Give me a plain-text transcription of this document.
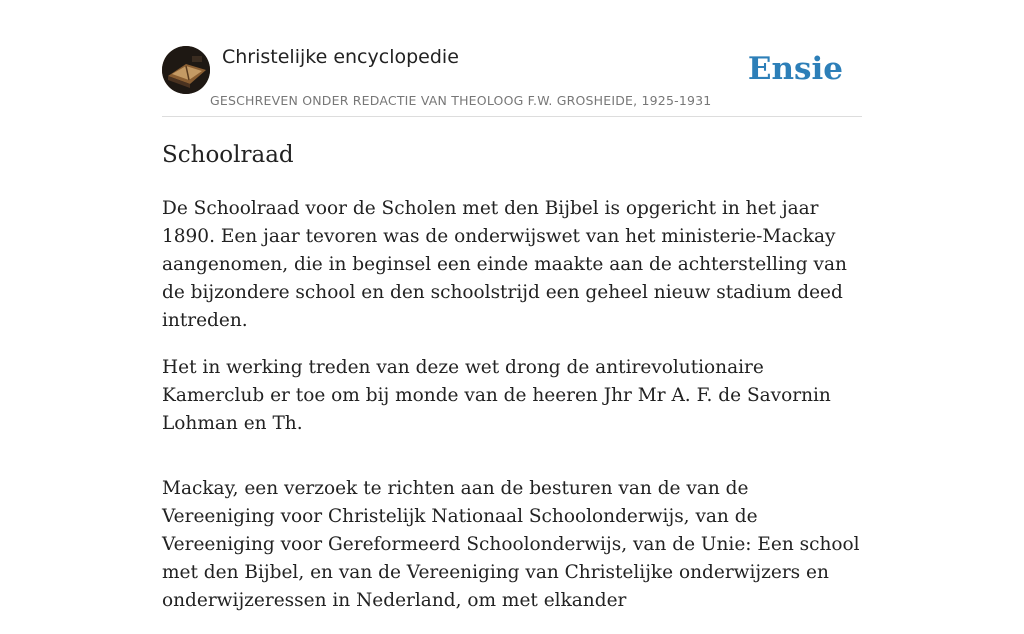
Christelijke encyclopedie
GESCHREVEN ONDER REDACTIE VAN THEOLOOG F.W. GROSHEIDE, 1925-1931
Ensie
Schoolraad

De Schoolraad voor de Scholen met den Bijbel is opgericht in het jaar 1890. Een jaar tevoren was de onderwijswet van het ministerie-Mackay aangenomen, die in beginsel een einde maakte aan de achterstelling van de bijzondere school en den schoolstrijd een geheel nieuw stadium deed intreden.

Het in werking treden van deze wet drong de antirevolutionaire Kamerclub er toe om bij monde van de heeren Jhr Mr A. F. de Savornin Lohman en Th.

Mackay, een verzoek te richten aan de besturen van de van de Vereeniging voor Christelijk Nationaal Schoolonderwijs, van de Vereeniging voor Gereformeerd Schoolonderwijs, van de Unie: Een school met den Bijbel, en van de Vereeniging van Christelijke onderwijzers en onderwijzeressen in Nederland, om met elkander
